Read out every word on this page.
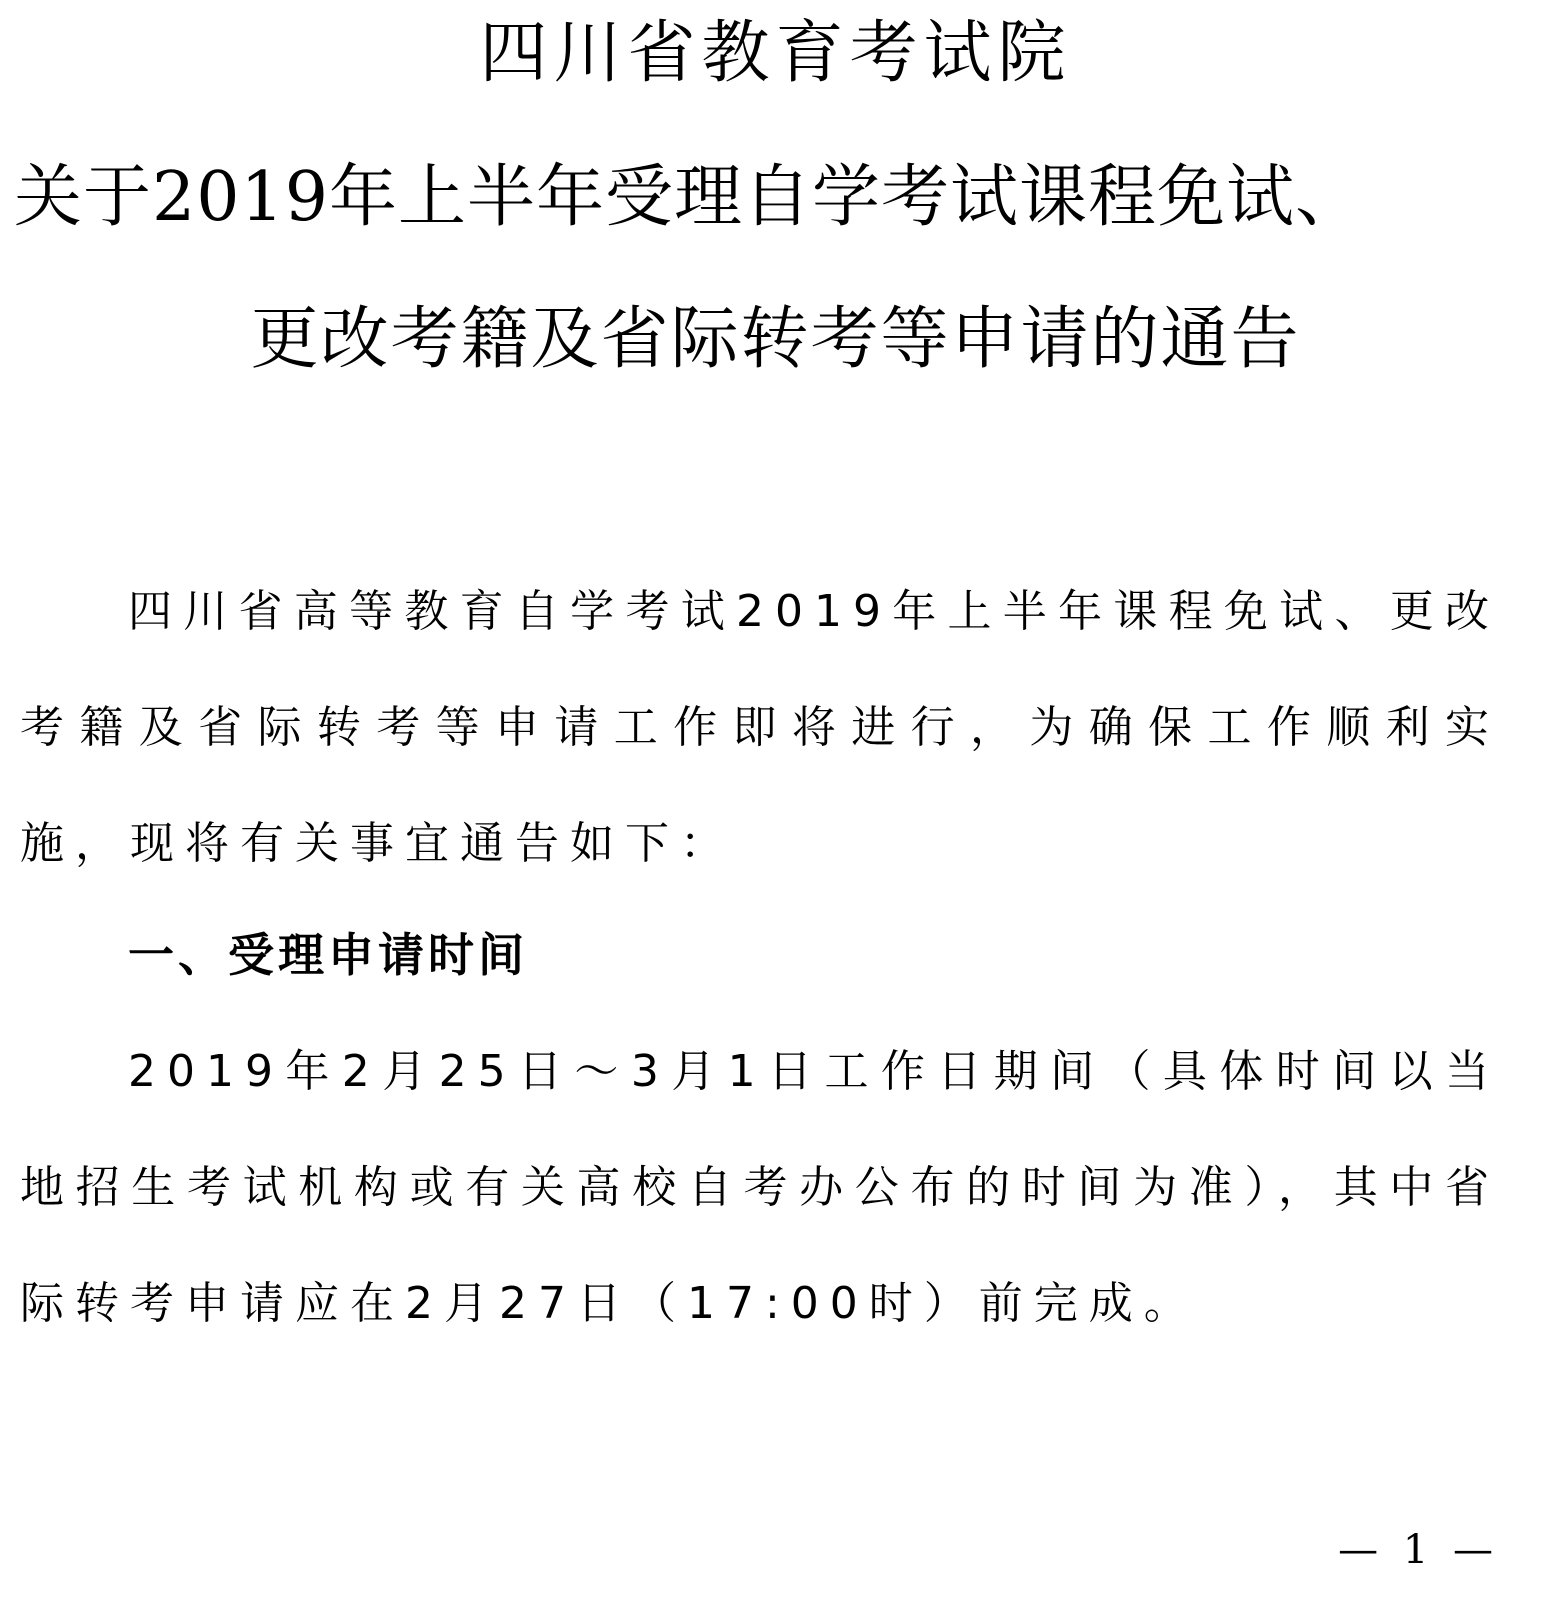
四川省教育考试院
关于2019年上半年受理自学考试课程免试、
更改考籍及省际转考等申请的通告

四川省高等教育自学考试2019年上半年课程免试、更改考籍及省际转考等申请工作即将进行，为确保工作顺利实施，现将有关事宜通告如下：

一、受理申请时间

2019年2月25日～3月1日工作日期间（具体时间以当地招生考试机构或有关高校自考办公布的时间为准），其中省际转考申请应在2月27日（17:00时）前完成。

— 1 —
